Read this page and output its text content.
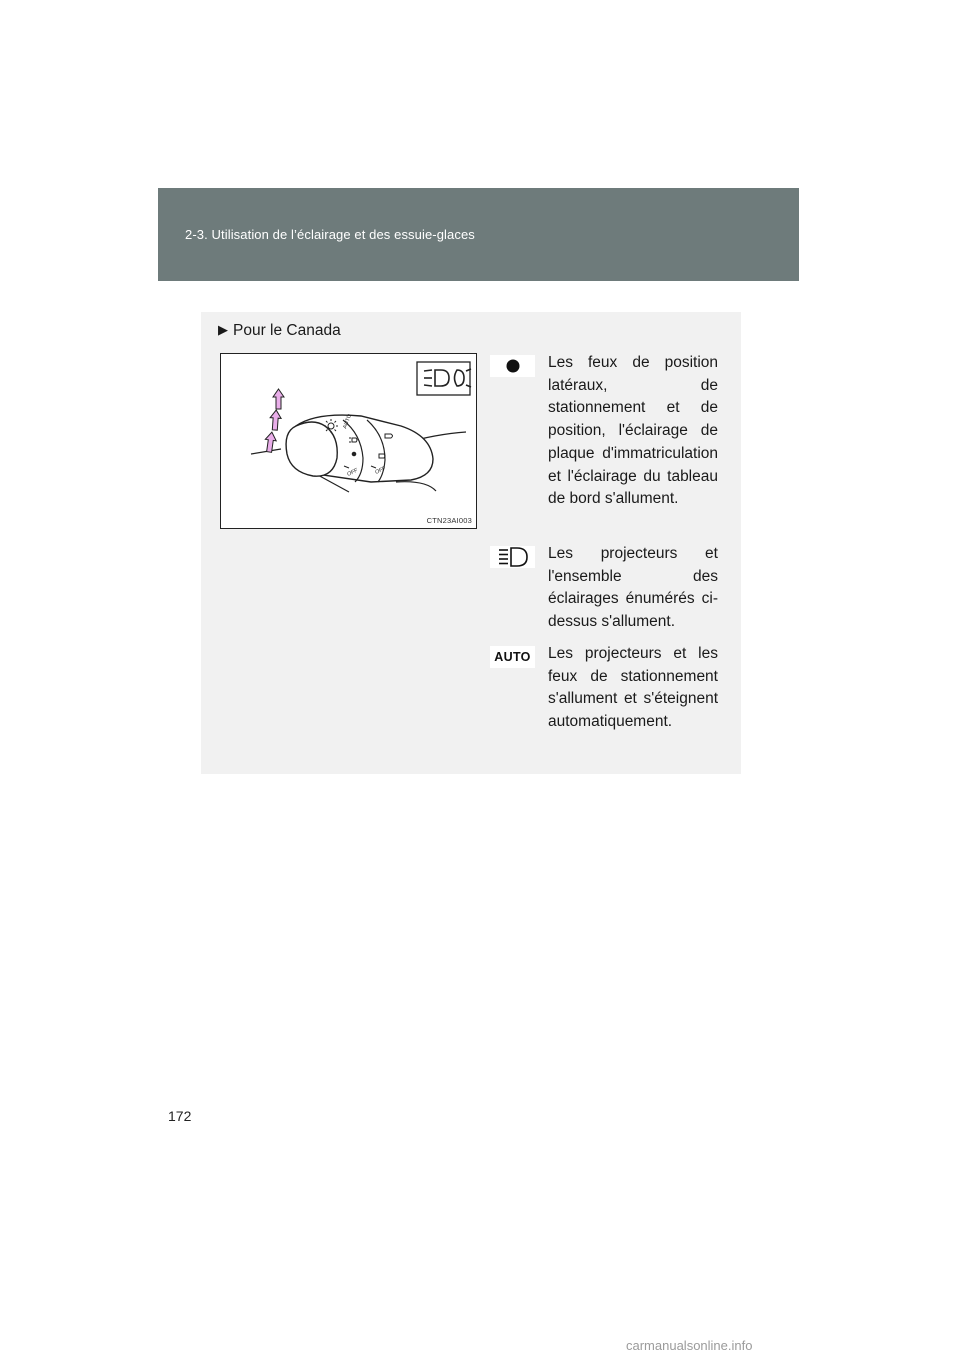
2-3. Utilisation de l’éclairage et des essuie-glaces
▶ Pour le Canada
AUTO
OFF	OFF
CTN23AI003
Les feux de position latéraux, de stationnement et de position, l'éclairage de plaque d'immatriculation et l'éclairage du tableau de bord s'allument.
Les projecteurs et l'ensemble des éclairages énumérés ci-dessus s'allument.
AUTO Les projecteurs et les feux de stationnement s'allument et s'éteignent automatiquement.
172
carmanualsonline.info
